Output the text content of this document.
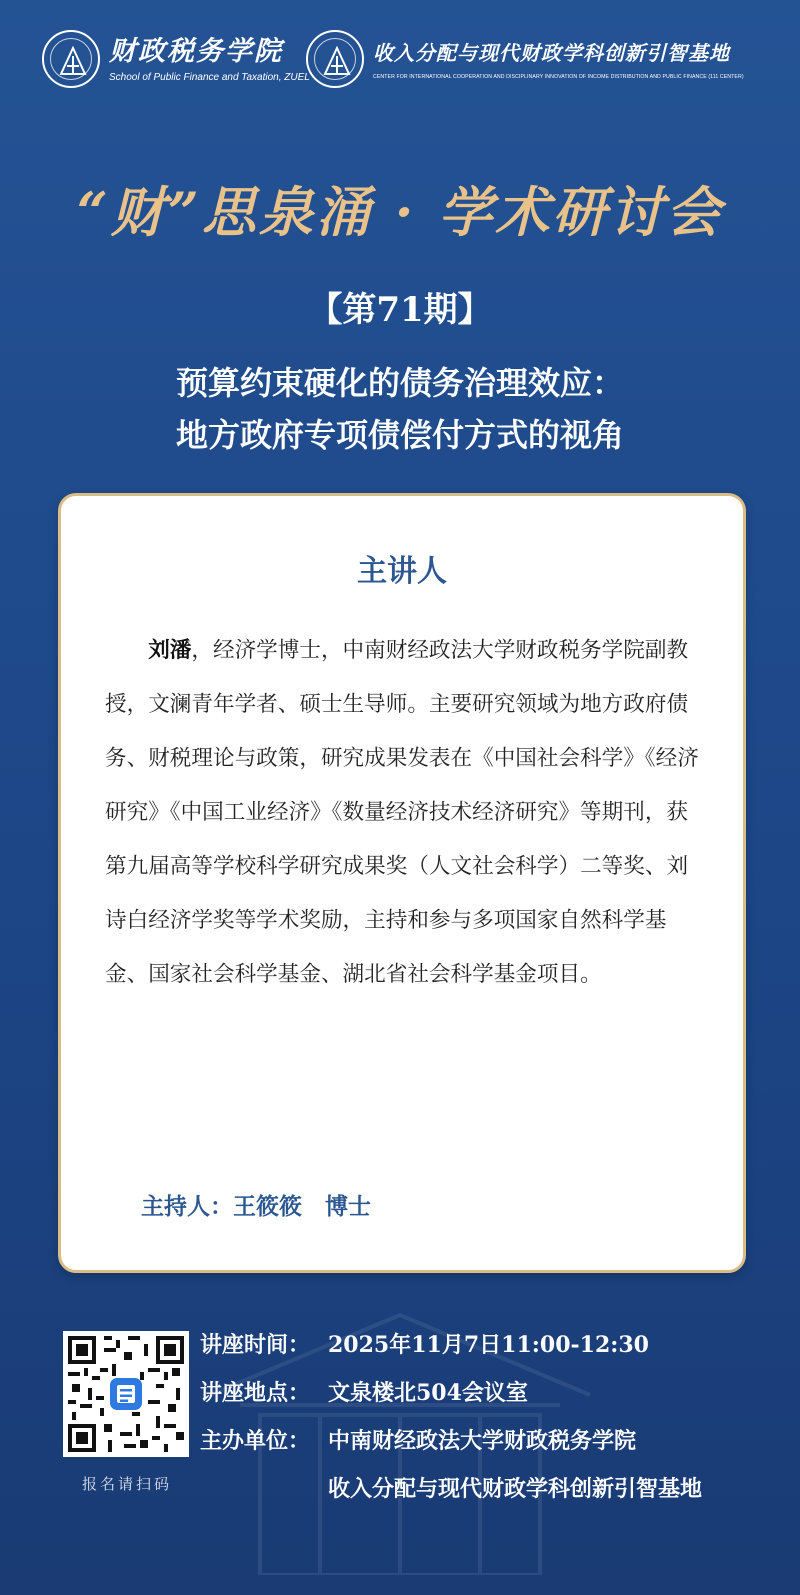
财政税务学院
School of Public Finance and Taxation, ZUEL
收入分配与现代财政学科创新引智基地
CENTER FOR INTERNATIONAL COOPERATION AND DISCIPLINARY INNOVATION OF INCOME DISTRIBUTION AND PUBLIC FINANCE (111 CENTER)
“财”思泉涌 · 学术研讨会
【第71期】
预算约束硬化的债务治理效应：
地方政府专项债偿付方式的视角
主讲人
刘潘，经济学博士，中南财经政法大学财政税务学院副教授，文澜青年学者、硕士生导师。主要研究领域为地方政府债务、财税理论与政策，研究成果发表在《中国社会科学》《经济研究》《中国工业经济》《数量经济技术经济研究》等期刊，获第九届高等学校科学研究成果奖（人文社会科学）二等奖、刘诗白经济学奖等学术奖励，主持和参与多项国家自然科学基金、国家社会科学基金、湖北省社会科学基金项目。
主持人：王筱筱　博士
报名请扫码
讲座时间： 2025年11月7日11:00-12:30
讲座地点： 文泉楼北504会议室
主办单位： 中南财经政法大学财政税务学院
收入分配与现代财政学科创新引智基地
